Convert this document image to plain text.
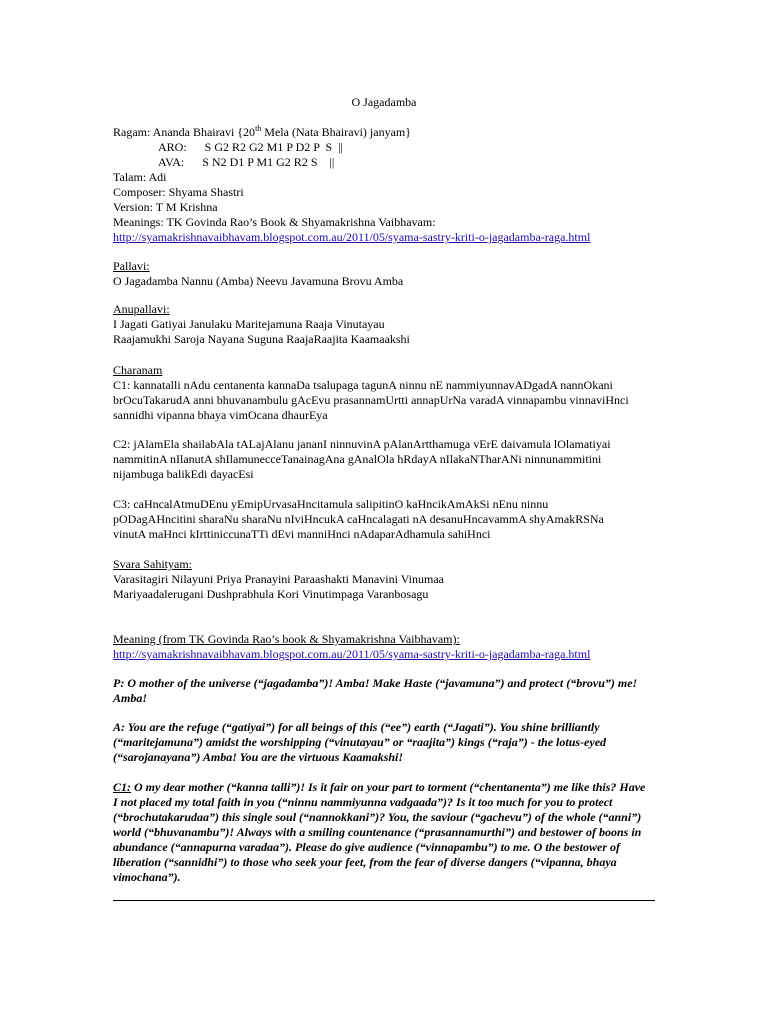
O Jagadamba
Ragam: Ananda Bhairavi {20th Mela (Nata Bhairavi) janyam}
ARO:      S G2 R2 G2 M1 P D2 P  S  ||
AVA:      S N2 D1 P M1 G2 R2 S    ||
Talam: Adi
Composer: Shyama Shastri
Version: T M Krishna
Meanings: TK Govinda Rao’s Book & Shyamakrishna Vaibhavam:
http://syamakrishnavaibhavam.blogspot.com.au/2011/05/syama-sastry-kriti-o-jagadamba-raga.html
Pallavi:
O Jagadamba Nannu (Amba) Neevu Javamuna Brovu Amba
Anupallavi:
I Jagati Gatiyai Janulaku Maritejamuna Raaja Vinutayau
Raajamukhi Saroja Nayana Suguna RaajaRaajita Kaamaakshi
Charanam
C1: kannatalli nAdu centanenta kannaDa tsalupaga tagunA ninnu nE nammiyunnavADgadA nannOkani
brOcuTakarudA anni bhuvanambulu gAcEvu prasannamUrtti annapUrNa varadA vinnapambu vinnaviHnci
sannidhi vipanna bhaya vimOcana dhaurEya
C2: jAlamEla shailabAla tALajAlanu jananI ninnuvinA pAlanArtthamuga vErE daivamula lOlamatiyai
nammitinA nIlanutA shIlamunecceTanainagAna gAnalOla hRdayA nIlakaNTharANi ninnunammitini
nijambuga balikEdi dayacEsi
C3: caHncalAtmuDEnu yEmipUrvasaHncitamula salipitinO kaHncikAmAkSi nEnu ninnu
pODagAHncitini sharaNu sharaNu nIviHncukA caHncalagati nA desanuHncavammA shyAmakRSNa
vinutA maHnci kIrttiniccunaTTi dEvi manniHnci nAdaparAdhamula sahiHnci
Svara Sahityam:
Varasitagiri Nilayuni Priya Pranayini Paraashakti Manavini Vinumaa
Mariyaadalerugani Dushprabhula Kori Vinutimpaga Varanbosagu
Meaning (from TK Govinda Rao’s book & Shyamakrishna Vaibhavam):
http://syamakrishnavaibhavam.blogspot.com.au/2011/05/syama-sastry-kriti-o-jagadamba-raga.html
P: O mother of the universe (“jagadamba”)! Amba! Make Haste (“javamuna”) and protect (“brovu”) me! Amba!
A: You are the refuge (“gatiyai”) for all beings of this (“ee”) earth (“Jagati”). You shine brilliantly (“maritejamuna”) amidst the worshipping (“vinutayau” or “raajita”) kings (“raja”) - the lotus-eyed (“sarojanayana”) Amba! You are the virtuous Kaamakshi!
C1: O my dear mother (“kanna talli”)! Is it fair on your part to torment (“chentanenta”) me like this? Have I not placed my total faith in you (“ninnu nammiyunna vadgaada”)? Is it too much for you to protect (“brochutakarudaa”) this single soul (“nannokkani”)? You, the saviour (“gachevu”) of the whole (“anni”) world (“bhuvanambu”)! Always with a smiling countenance (“prasannamurthi”) and bestower of boons in abundance (“annapurna varadaa”). Please do give audience (“vinnapambu”) to me. O the bestower of liberation (“sannidhi”) to those who seek your feet, from the fear of diverse dangers (“vipanna, bhaya vimochana”).
